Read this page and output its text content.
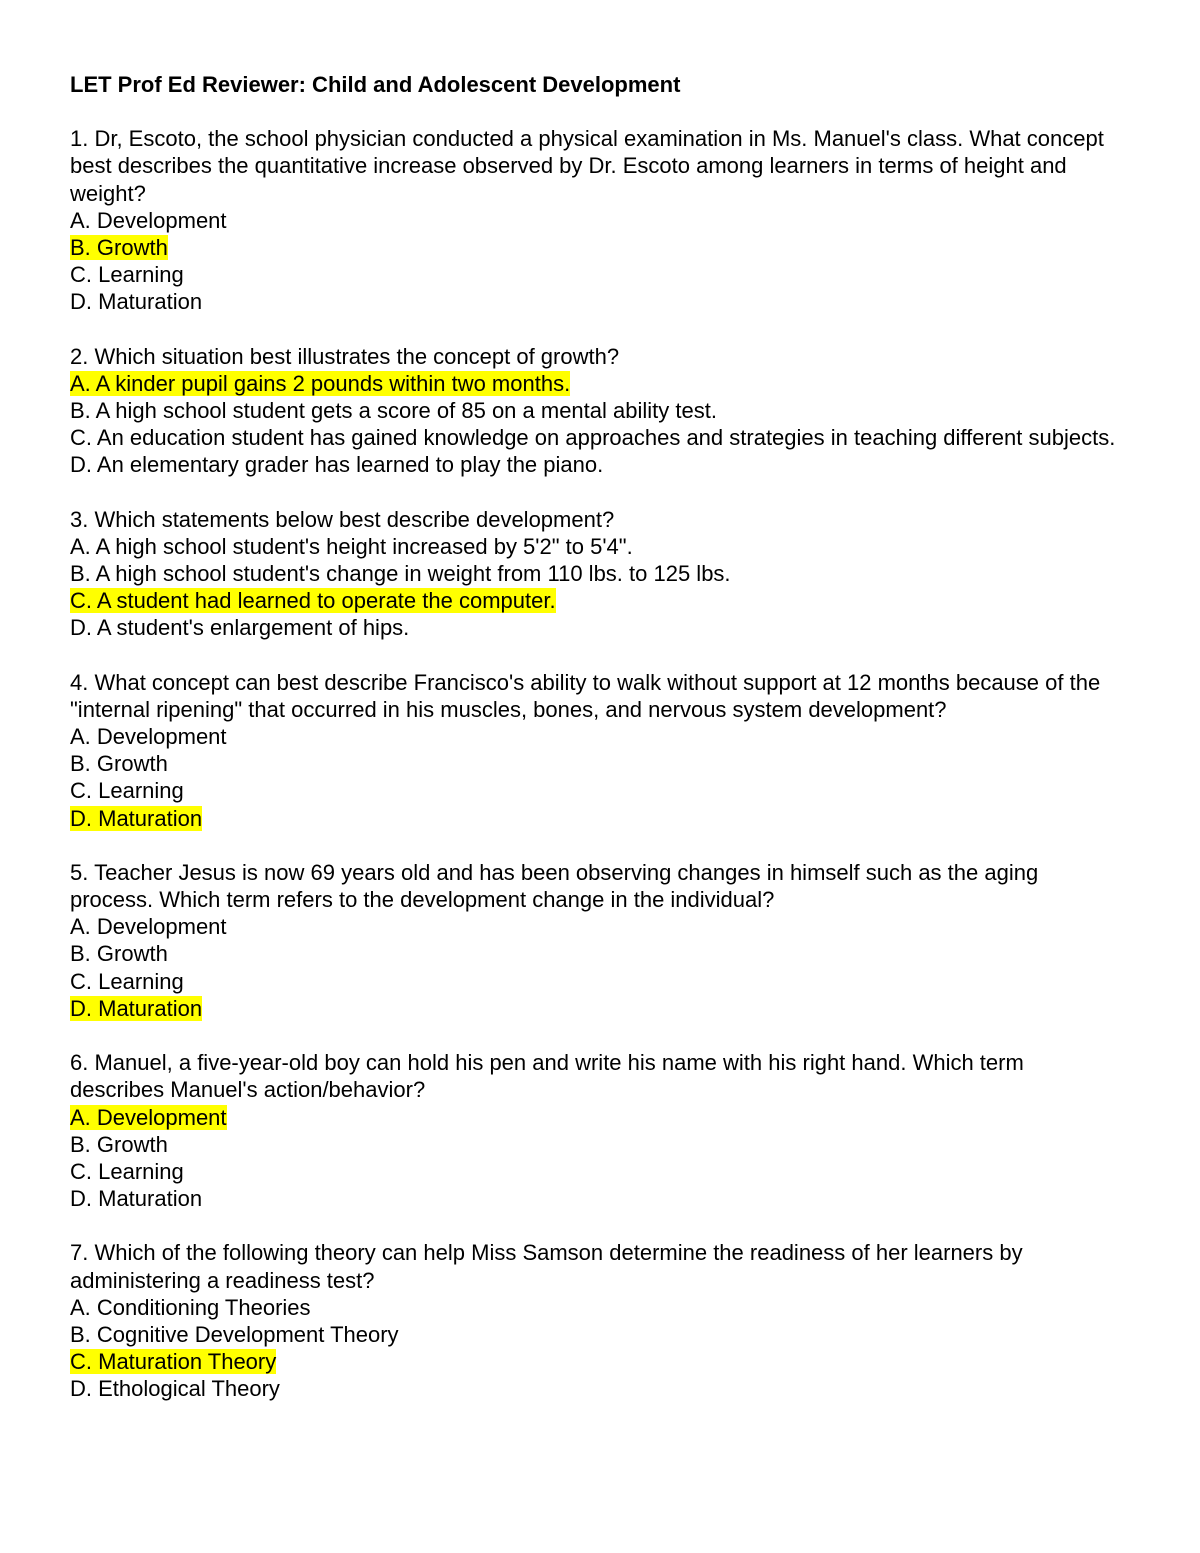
LET Prof Ed Reviewer: Child and Adolescent Development

1. Dr, Escoto, the school physician conducted a physical examination in Ms. Manuel's class. What concept best describes the quantitative increase observed by Dr. Escoto among learners in terms of height and weight?

A. Development
B. Growth
C. Learning
D. Maturation

2. Which situation best illustrates the concept of growth?

A. A kinder pupil gains 2 pounds within two months.
B. A high school student gets a score of 85 on a mental ability test.
C. An education student has gained knowledge on approaches and strategies in teaching different subjects.
D. An elementary grader has learned to play the piano.

3. Which statements below best describe development?

A. A high school student's height increased by 5'2" to 5'4".
B. A high school student's change in weight from 110 lbs. to 125 lbs.
C. A student had learned to operate the computer.
D. A student's enlargement of hips.

4. What concept can best describe Francisco's ability to walk without support at 12 months because of the "internal ripening" that occurred in his muscles, bones, and nervous system development?

A. Development
B. Growth
C. Learning
D. Maturation

5. Teacher Jesus is now 69 years old and has been observing changes in himself such as the aging process. Which term refers to the development change in the individual?

A. Development
B. Growth
C. Learning
D. Maturation

6. Manuel, a five-year-old boy can hold his pen and write his name with his right hand. Which term describes Manuel's action/behavior?

A. Development
B. Growth
C. Learning
D. Maturation

7. Which of the following theory can help Miss Samson determine the readiness of her learners by administering a readiness test?

A. Conditioning Theories
B. Cognitive Development Theory
C. Maturation Theory
D. Ethological Theory
